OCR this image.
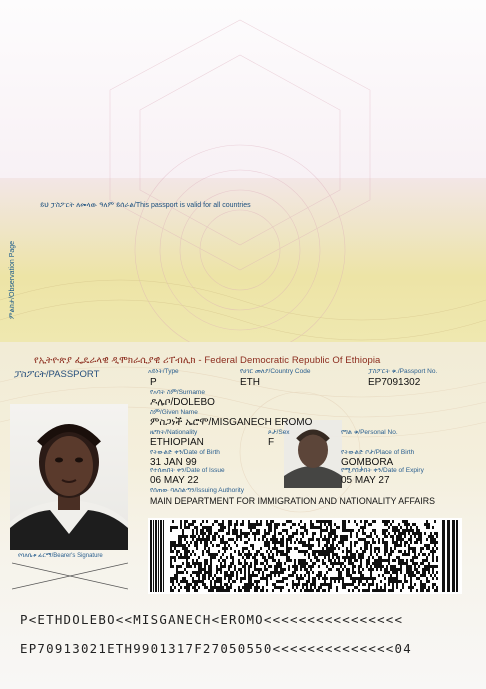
ምልከታ/Observation Page
ይህ ፓስፖርት ለመላው ዓለም ይሰራል/This passport is valid for all countries
የኢትዮጵያ ፌዴራላዊ ዲሞክራሲያዊ ሪፐብሊክ - Federal Democratic Republic Of Ethiopia
ፓስፖርት/PASSPORT
የባለቤቱ ፊርማ/Bearer's Signature
አይነት/Type
P
የሀገር መለያ/Country Code
ETH
ፓስፖርት ቁ./Passport No.
EP7091302
የአባት ስም/Surname
ዶሌቦ/DOLEBO
ስም/Given Name
ምስጋነች ኤሮሞ/MISGANECH EROMO
ዜግነት/Nationality
ETHIOPIAN
ጾታ/Sex
F
የግል ቁ/Personal No.
የትውልድ ቀን/Date of Birth
31 JAN 99
የትውልድ ቦታ/Place of Birth
GOMBORA
የተሰጠበት ቀን/Date of Issue
06 MAY 22
የሚያበቃበት ቀን/Date of Expiry
05 MAY 27
የሰጠው ባለስልጣን/Issuing Authority
MAIN DEPARTMENT FOR IMMIGRATION AND NATIONALITY AFFAIRS
P<ETHDOLEBO<<MISGANECH<EROMO<<<<<<<<<<<<<<<<
EP70913021ETH9901317F27050550<<<<<<<<<<<<<<04
